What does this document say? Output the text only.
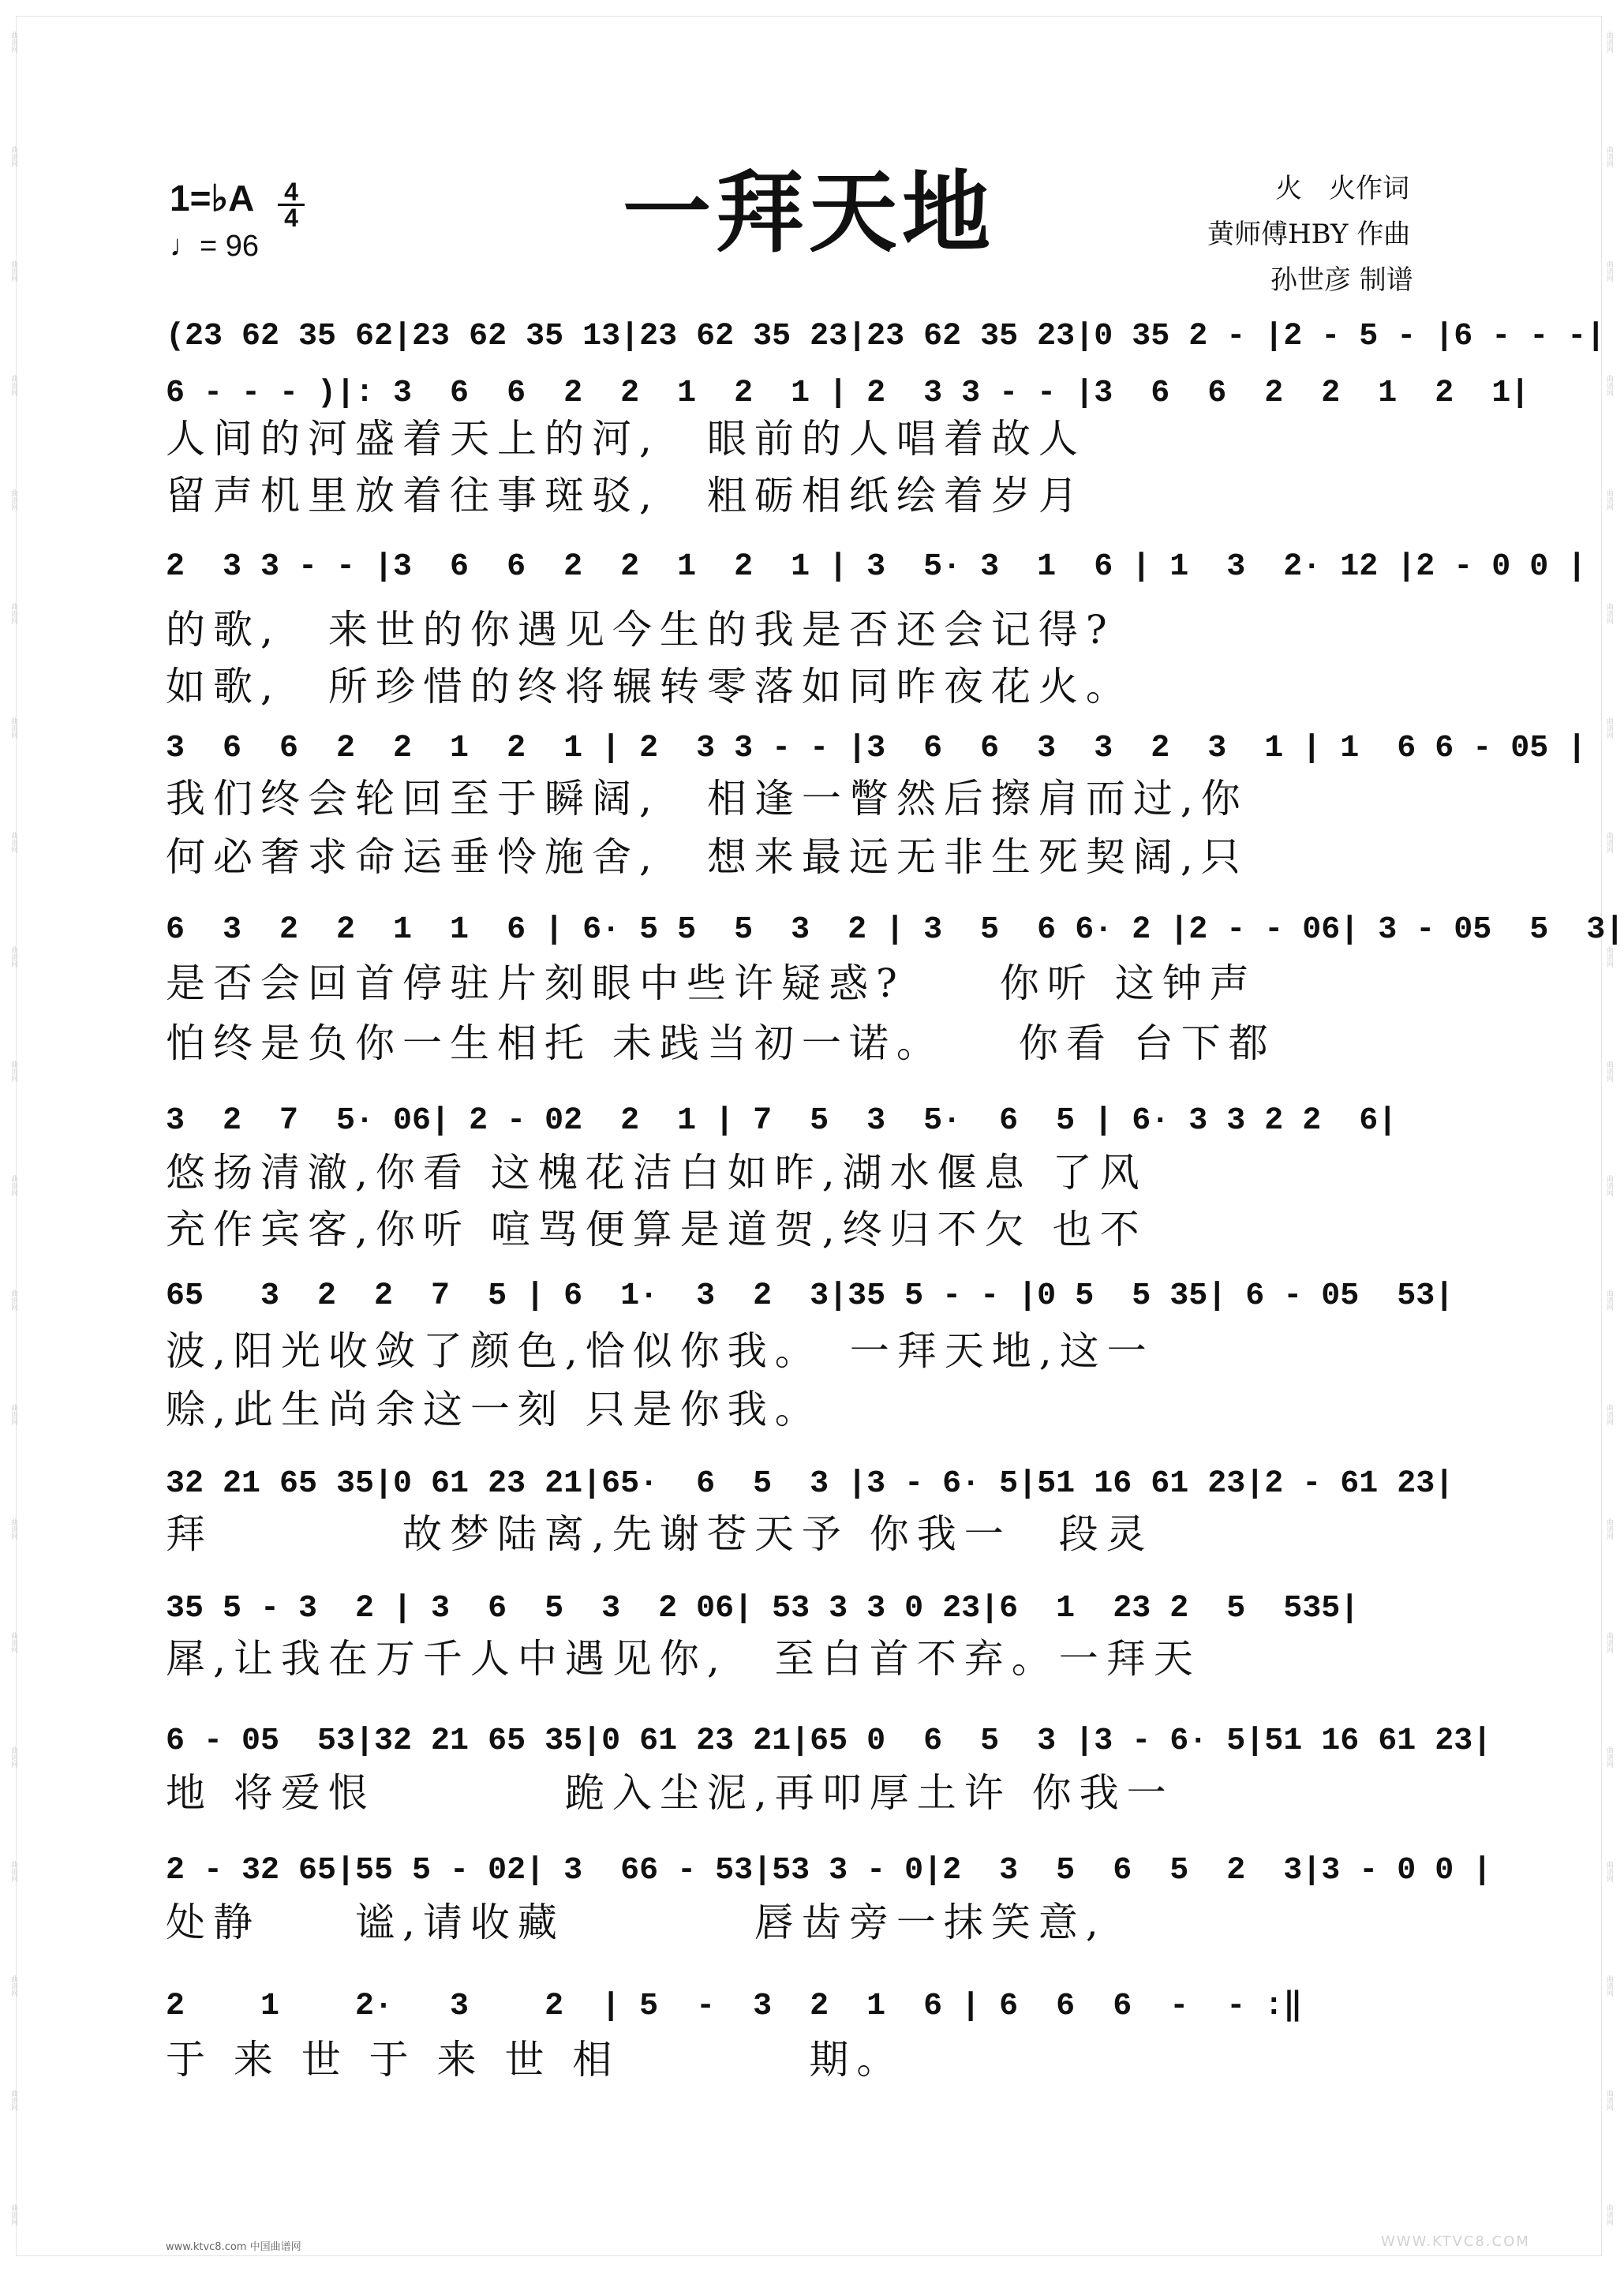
曲谱网
曲谱网
曲谱网
曲谱网
曲谱网
曲谱网
曲谱网
曲谱网
曲谱网
曲谱网
曲谱网
曲谱网
曲谱网
曲谱网
曲谱网
曲谱网
曲谱网
曲谱网
曲谱网
曲谱网
曲谱网
曲谱网
曲谱网
曲谱网
曲谱网
曲谱网
曲谱网
曲谱网
曲谱网
曲谱网
曲谱网
曲谱网
曲谱网
曲谱网
曲谱网
曲谱网
曲谱网
曲谱网
曲谱网
曲谱网
1=♭A 4
4
♩= 96	一拜天地	火　火作词
黄师傅HBY 作曲
孙世彦 制谱
(23 62 35 62|23 62 35 13|23 62 35 23|23 62 35 23|0 35 2 - |2 - 5 - |6 - - -|
6 - - - )|: 3  6  6  2  2  1  2  1 | 2  3 3 - - |3  6  6  2  2  1  2  1|
人间的河盛着天上的河,　眼前的人唱着故人
留声机里放着往事斑驳,　粗砺相纸绘着岁月
2  3 3 - - |3  6  6  2  2  1  2  1 | 3  5· 3  1  6 | 1  3  2· 12 |2 - 0 0 |
的歌,　来世的你遇见今生的我是否还会记得?
如歌,　所珍惜的终将辗转零落如同昨夜花火。
3  6  6  2  2  1  2  1 | 2  3 3 - - |3  6  6  3  3  2  3  1 | 1  6 6 - 05 |
我们终会轮回至于瞬阔,　相逢一瞥然后擦肩而过,你
何必奢求命运垂怜施舍,　想来最远无非生死契阔,只
6  3  2  2  1  1  6 | 6· 5 5  5  3  2 | 3  5  6 6· 2 |2 - - 06| 3 - 05  5  3|
是否会回首停驻片刻眼中些许疑惑?　　你听 这钟声
怕终是负你一生相托 未践当初一诺。　　你看 台下都
3  2  7  5· 06| 2 - 02  2  1 | 7  5  3  5·  6  5 | 6· 3 3 2 2  6|
悠扬清澈,你看 这槐花洁白如昨,湖水偃息 了风
充作宾客,你听 喧骂便算是道贺,终归不欠 也不
65   3  2  2  7  5 | 6  1·  3  2  3|35 5 - - |0 5  5 35| 6 - 05  53|
波,阳光收敛了颜色,恰似你我。　一拜天地,这一
赊,此生尚余这一刻 只是你我。
32 21 65 35|0 61 23 21|65·  6  5  3 |3 - 6· 5|51 16 61 23|2 - 61 23|
拜　　　　故梦陆离,先谢苍天予 你我一　段灵
35 5 - 3  2 | 3  6  5  3  2 06| 53 3 3 0 23|6  1  23 2  5  535|
犀,让我在万千人中遇见你,　至白首不弃。一拜天
6 - 05  53|32 21 65 35|0 61 23 21|65 0  6  5  3 |3 - 6· 5|51 16 61 23|
地 将爱恨　　　　跪入尘泥,再叩厚土许 你我一
2 - 32 65|55 5 - 02| 3  66 - 53|53 3 - 0|2  3  5  6  5  2  3|3 - 0 0 |
处静　　谧,请收藏　　　　唇齿旁一抹笑意,
2    1    2·   3    2  | 5  -  3  2  1  6 | 6  6  6  -  - :‖
于 来 世 于 来 世 相　　　　期。
www.ktvc8.com 中国曲谱网	WWW.KTVC8.COM
